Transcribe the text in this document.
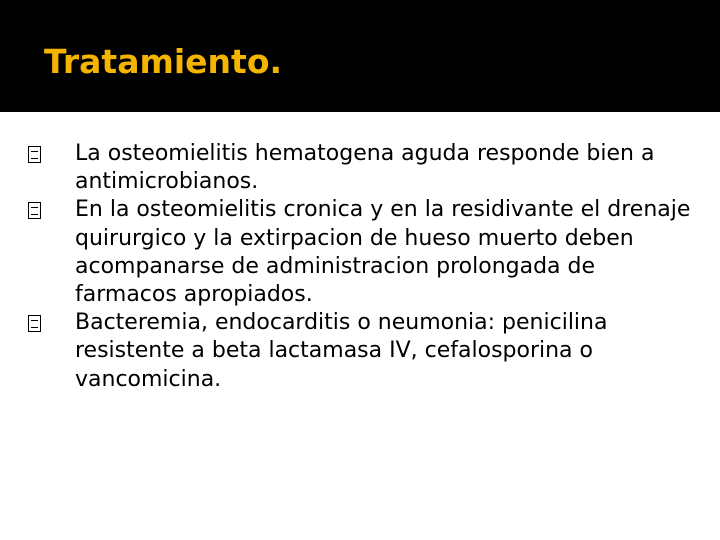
Tratamiento.
La osteomielitis hematogena aguda responde bien a antimicrobianos.
En la osteomielitis cronica y en la residivante el drenaje quirurgico y la extirpacion de hueso muerto deben acompanarse de administracion prolongada de farmacos apropiados.
Bacteremia, endocarditis o neumonia: penicilina resistente a beta lactamasa IV, cefalosporina o vancomicina.
